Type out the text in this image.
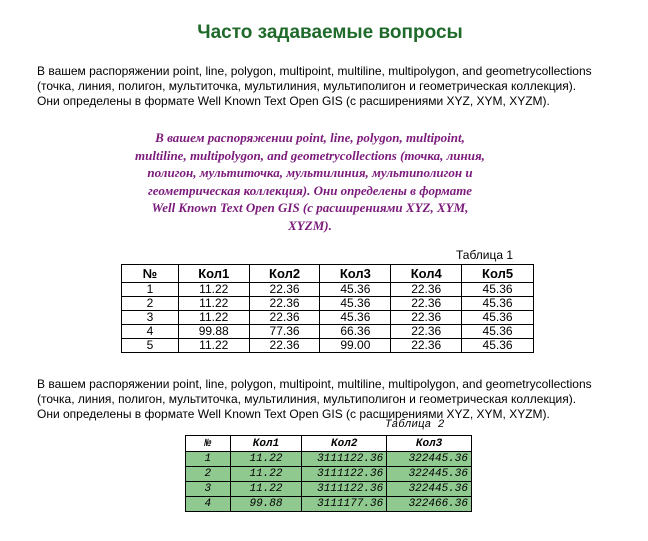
Часто задаваемые вопросы
В вашем распоряжении point, line, polygon, multipoint, multiline, multipolygon, and geometrycollections
(точка, линия, полигон, мультиточка, мультилиния, мультиполигон и геометрическая коллекция).
Они определены в формате Well Known Text Open GIS (с расширениями XYZ, XYM, XYZM).
В вашем распоряжении point, line, polygon, multipoint,
multiline, multipolygon, and geometrycollections (точка, линия,
полигон, мультиточка, мультилиния, мультиполигон и
геометрическая коллекция). Они определены в формате
Well Known Text Open GIS (с расширениями XYZ, XYM,
XYZM).
Таблица 1
№	Кол1	Кол2	Кол3	Кол4	Кол5
1	11.22	22.36	45.36	22.36	45.36
2	11.22	22.36	45.36	22.36	45.36
3	11.22	22.36	45.36	22.36	45.36
4	99.88	77.36	66.36	22.36	45.36
5	11.22	22.36	99.00	22.36	45.36
В вашем распоряжении point, line, polygon, multipoint, multiline, multipolygon, and geometrycollections
(точка, линия, полигон, мультиточка, мультилиния, мультиполигон и геометрическая коллекция).
Они определены в формате Well Known Text Open GIS (с расширениями XYZ, XYM, XYZM).
Таблица 2
№	Кол1	Кол2	Кол3
1	11.22	3111122.36	322445.36
2	11.22	3111122.36	322445.36
3	11.22	3111122.36	322445.36
4	99.88	3111177.36	322466.36
